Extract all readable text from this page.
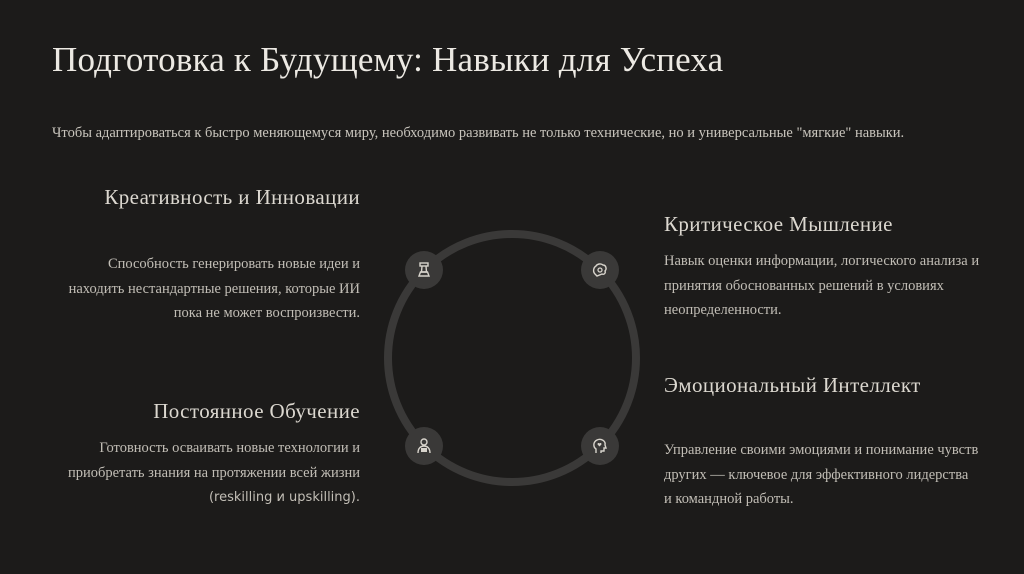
Подготовка к Будущему: Навыки для Успеха
Чтобы адаптироваться к быстро меняющемуся миру, необходимо развивать не только технические, но и универсальные "мягкие" навыки.
Креативность и Инновации
Способность генерировать новые идеи и находить нестандартные решения, которые ИИ пока не может воспроизвести.
Критическое Мышление
Навык оценки информации, логического анализа и принятия обоснованных решений в условиях неопределенности.
Постоянное Обучение
Готовность осваивать новые технологии и приобретать знания на протяжении всей жизни (reskilling и upskilling).
Эмоциональный Интеллект
Управление своими эмоциями и понимание чувств других — ключевое для эффективного лидерства и командной работы.
